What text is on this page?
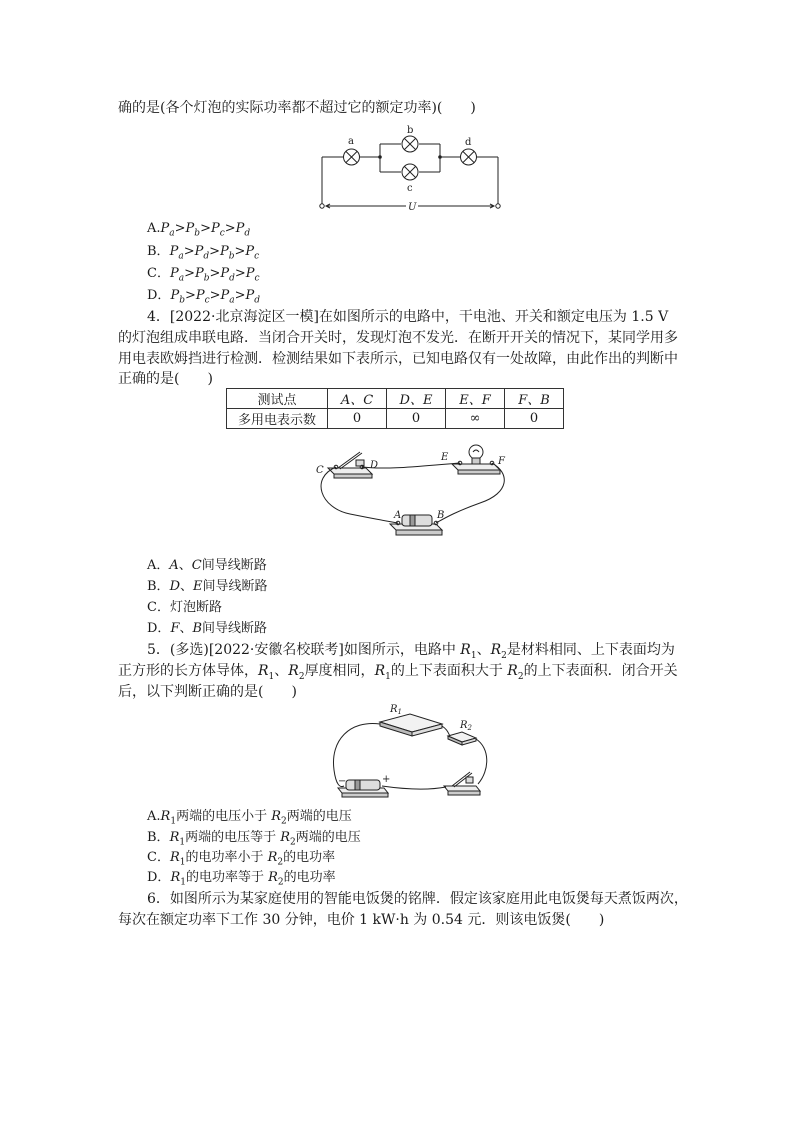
确的是(各个灯泡的实际功率都不超过它的额定功率)(　　)
a
b
c
d
U
$A.P_a>P_b>P_c>P_d$
B．$P_a>P_d>P_b>P_c$
C．$P_a>P_b>P_d>P_c$
D．$P_b>P_c>P_a>P_d$
4．[2022·北京海淀区一模]在如图所示的电路中，干电池、开关和额定电压为 1.5 V
的灯泡组成串联电路．当闭合开关时，发现灯泡不发光．在断开开关的情况下，某同学用多
用电表欧姆挡进行检测．检测结果如下表所示，已知电路仅有一处故障，由此作出的判断中
正确的是(　　)
测试点	A、C	D、E	E、F	F、B
多用电表示数	0	0	∞	0
C	D
E	F
A	B
A．A、C间导线断路
B．D、E间导线断路
C．灯泡断路
D．F、B间导线断路
5．(多选)[2022·安徽名校联考]如图所示，电路中 $R_1$、$R_2$是材料相同、上下表面均为
正方形的长方体导体，$R_1$、$R_2$厚度相同，$R_1$的上下表面积大于 $R_2$的上下表面积．闭合开关
后，以下判断正确的是(　　)
$R_1$
$R_2$
−	+
$A.R_1$两端的电压小于 $R_2$两端的电压
B．$R_1$两端的电压等于 $R_2$两端的电压
C．$R_1$的电功率小于 $R_2$的电功率
D．$R_1$的电功率等于 $R_2$的电功率
6．如图所示为某家庭使用的智能电饭煲的铭牌．假定该家庭用此电饭煲每天煮饭两次，
每次在额定功率下工作 30 分钟，电价 1 kW·h 为 0.54 元．则该电饭煲(　　)
